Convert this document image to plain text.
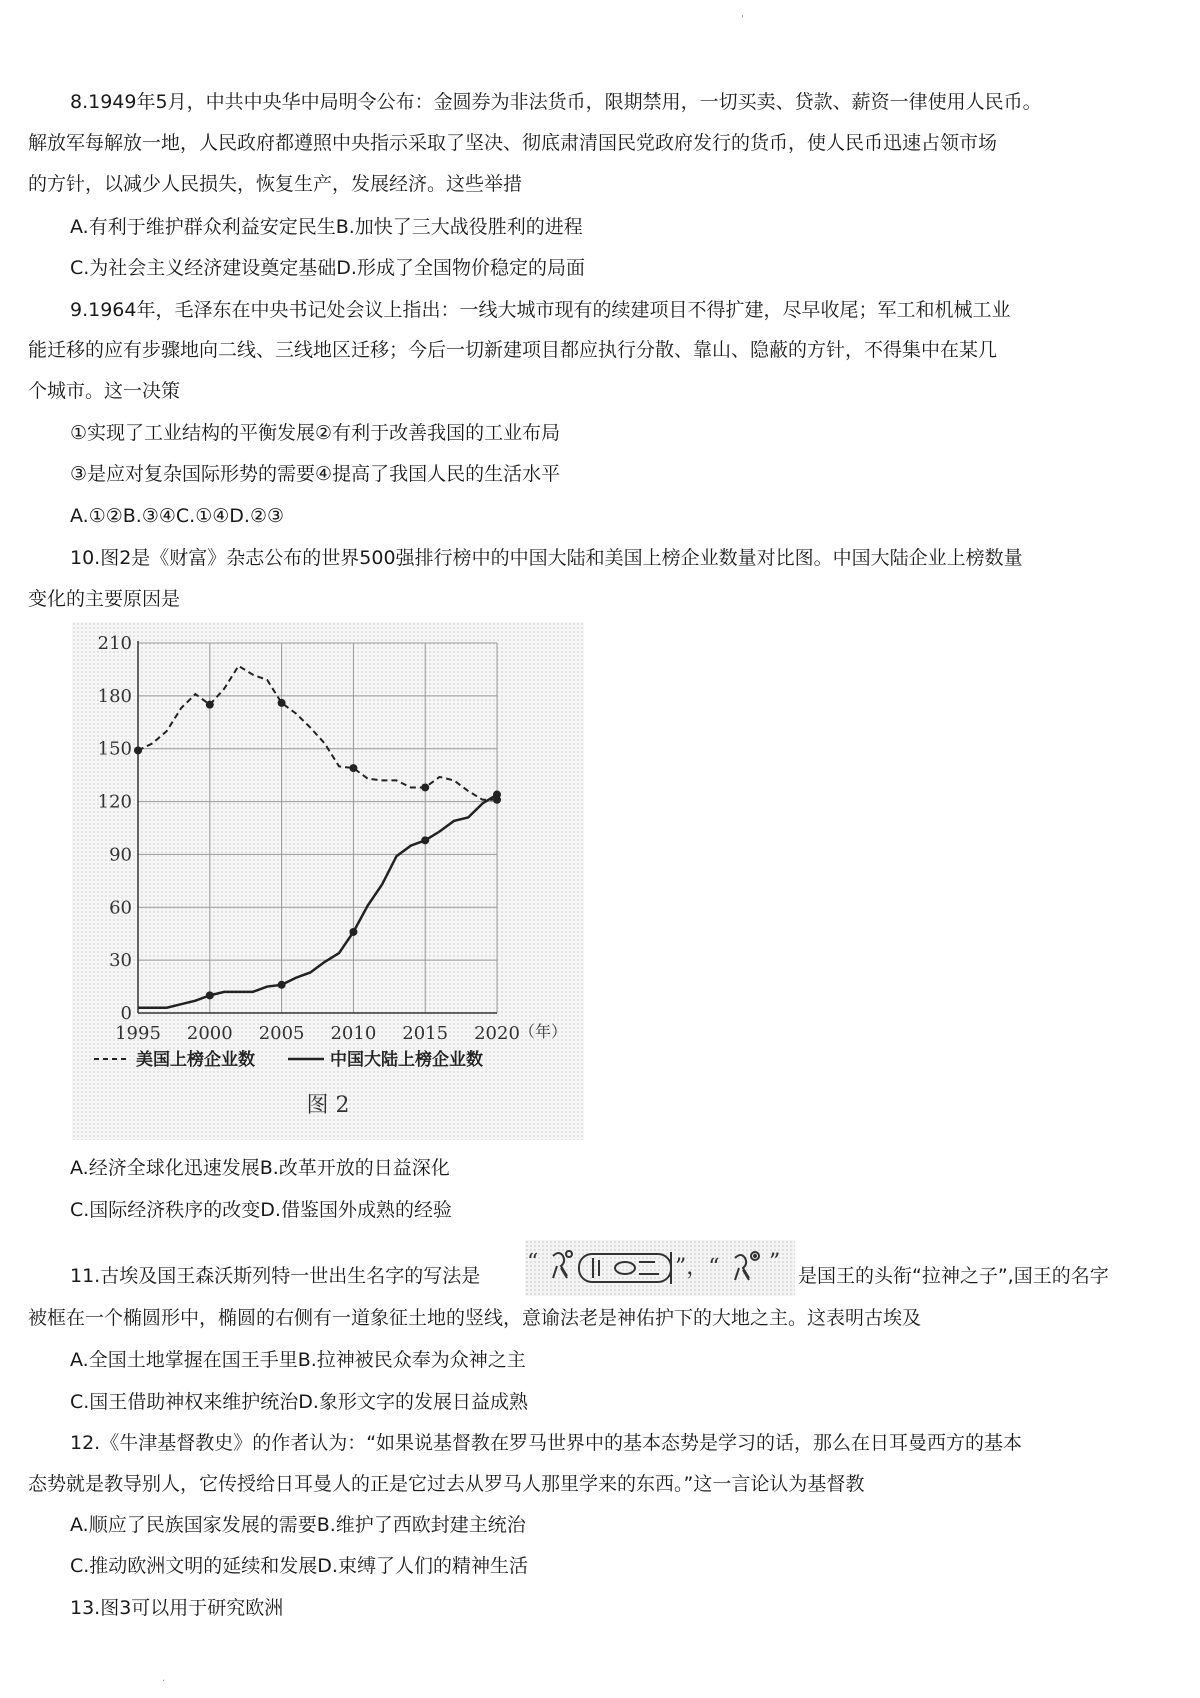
'
8.1949年5月，中共中央华中局明令公布：金圆券为非法货币，限期禁用，一切买卖、贷款、薪资一律使用人民币。
解放军每解放一地，人民政府都遵照中央指示采取了坚决、彻底肃清国民党政府发行的货币，使人民币迅速占领市场
的方针，以减少人民损失，恢复生产，发展经济。这些举措
A.有利于维护群众利益安定民生B.加快了三大战役胜利的进程
C.为社会主义经济建设奠定基础D.形成了全国物价稳定的局面
9.1964年，毛泽东在中央书记处会议上指出：一线大城市现有的续建项目不得扩建，尽早收尾；军工和机械工业
能迁移的应有步骤地向二线、三线地区迁移；今后一切新建项目都应执行分散、靠山、隐蔽的方针，不得集中在某几
个城市。这一决策
①实现了工业结构的平衡发展②有利于改善我国的工业布局
③是应对复杂国际形势的需要④提高了我国人民的生活水平
A.①②B.③④C.①④D.②③
10.图2是《财富》杂志公布的世界500强排行榜中的中国大陆和美国上榜企业数量对比图。中国大陆企业上榜数量
变化的主要原因是
0
30
60
90
120
150
180
210
1995 2000 2005 2010 2015 2020 （年）
美国上榜企业数	中国大陆上榜企业数
图 2
A.经济全球化迅速发展B.改革开放的日益深化
C.国际经济秩序的改变D.借鉴国外成熟的经验
11.古埃及国王森沃斯列特一世出生名字的写法是
“	”，“ ”
是国王的头衔“拉神之子”,国王的名字
被框在一个椭圆形中，椭圆的右侧有一道象征土地的竖线，意谕法老是神佑护下的大地之主。这表明古埃及
A.全国土地掌握在国王手里B.拉神被民众奉为众神之主
C.国王借助神权来维护统治D.象形文字的发展日益成熟
12.《牛津基督教史》的作者认为：“如果说基督教在罗马世界中的基本态势是学习的话，那么在日耳曼西方的基本
态势就是教导别人，它传授给日耳曼人的正是它过去从罗马人那里学来的东西。”这一言论认为基督教
A.顺应了民族国家发展的需要B.维护了西欧封建主统治
C.推动欧洲文明的延续和发展D.束缚了人们的精神生活
13.图3可以用于研究欧洲
·
